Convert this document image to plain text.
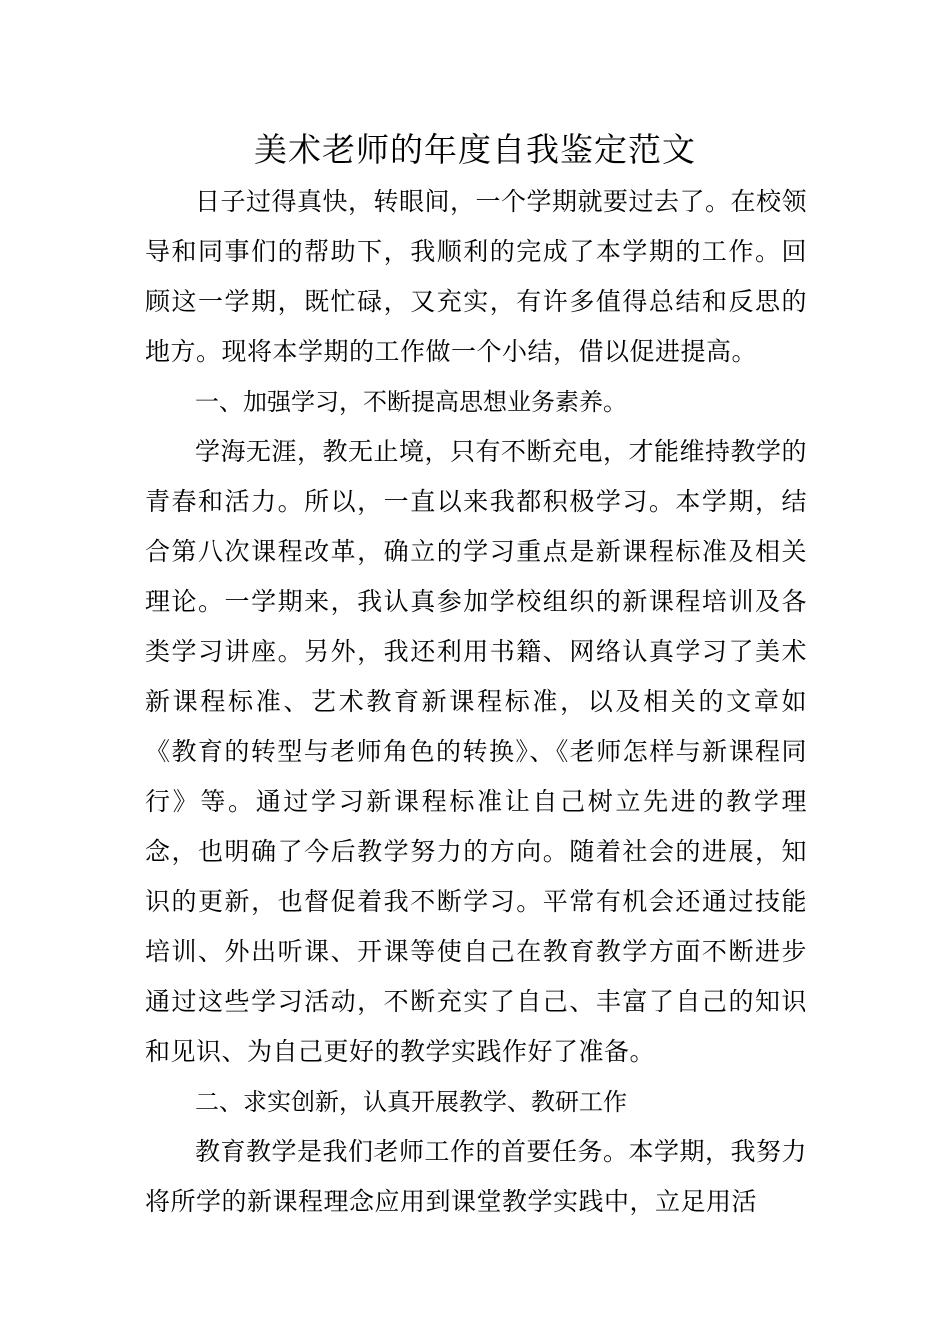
美术老师的年度自我鉴定范文

日子过得真快，转眼间，一个学期就要过去了。在校领导和同事们的帮助下，我顺利的完成了本学期的工作。回顾这一学期，既忙碌，又充实，有许多值得总结和反思的地方。现将本学期的工作做一个小结，借以促进提高。

一、加强学习，不断提高思想业务素养。

学海无涯，教无止境，只有不断充电，才能维持教学的青春和活力。所以，一直以来我都积极学习。本学期，结合第八次课程改革，确立的学习重点是新课程标准及相关理论。一学期来，我认真参加学校组织的新课程培训及各类学习讲座。另外，我还利用书籍、网络认真学习了美术新课程标准、艺术教育新课程标准，以及相关的文章如《教育的转型与老师角色的转换》、《老师怎样与新课程同行》等。通过学习新课程标准让自己树立先进的教学理念，也明确了今后教学努力的方向。随着社会的进展，知识的更新，也督促着我不断学习。平常有机会还通过技能培训、外出听课、开课等使自己在教育教学方面不断进步通过这些学习活动，不断充实了自己、丰富了自己的知识和见识、为自己更好的教学实践作好了准备。

二、求实创新，认真开展教学、教研工作

教育教学是我们老师工作的首要任务。本学期，我努力将所学的新课程理念应用到课堂教学实践中，立足用活
